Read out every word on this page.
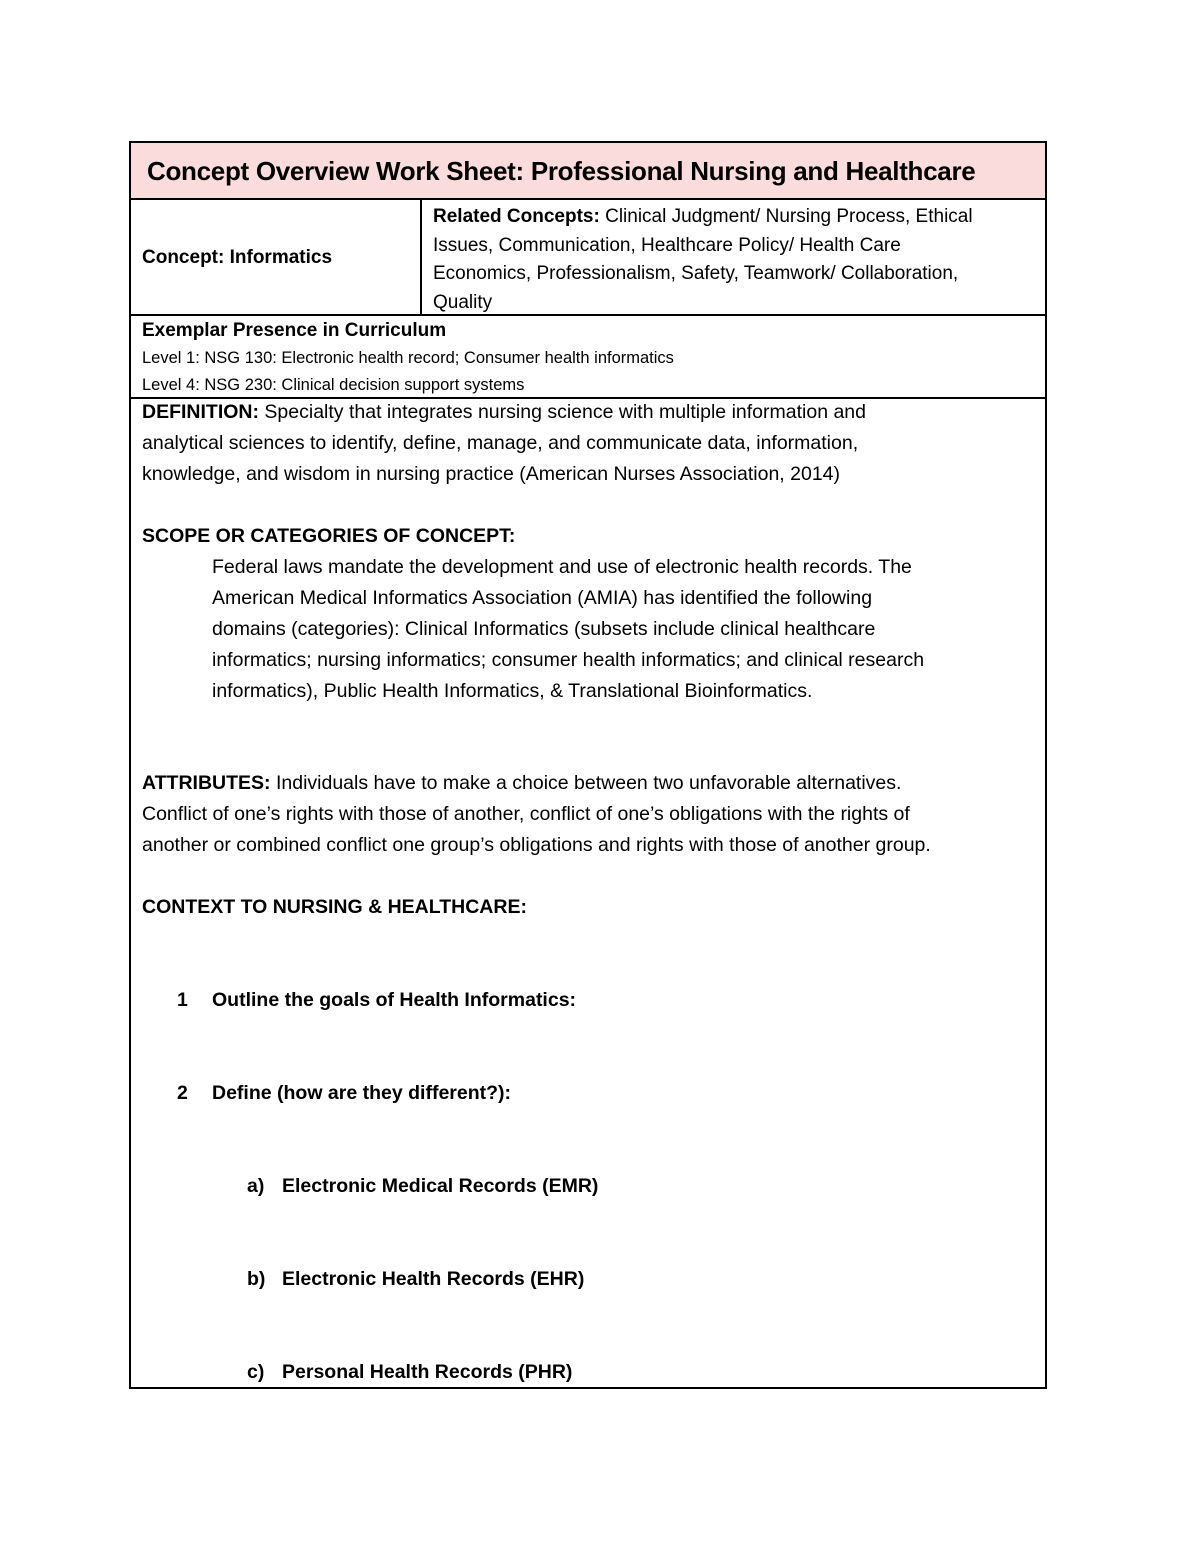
Concept Overview Work Sheet: Professional Nursing and Healthcare
Concept: Informatics
Related Concepts: Clinical Judgment/ Nursing Process, Ethical
Issues, Communication, Healthcare Policy/ Health Care
Economics, Professionalism, Safety, Teamwork/ Collaboration,
Quality
Exemplar Presence in Curriculum
Level 1: NSG 130: Electronic health record; Consumer health informatics
Level 4: NSG 230: Clinical decision support systems
DEFINITION: Specialty that integrates nursing science with multiple information and
analytical sciences to identify, define, manage, and communicate data, information,
knowledge, and wisdom in nursing practice (American Nurses Association, 2014)
SCOPE OR CATEGORIES OF CONCEPT:
Federal laws mandate the development and use of electronic health records. The
American Medical Informatics Association (AMIA) has identified the following
domains (categories): Clinical Informatics (subsets include clinical healthcare
informatics; nursing informatics; consumer health informatics; and clinical research
informatics), Public Health Informatics, & Translational Bioinformatics.
ATTRIBUTES: Individuals have to make a choice between two unfavorable alternatives.
Conflict of one’s rights with those of another, conflict of one’s obligations with the rights of
another or combined conflict one group’s obligations and rights with those of another group.
CONTEXT TO NURSING & HEALTHCARE:
1 Outline the goals of Health Informatics:
2 Define (how are they different?):
a) Electronic Medical Records (EMR)
b) Electronic Health Records (EHR)
c) Personal Health Records (PHR)
